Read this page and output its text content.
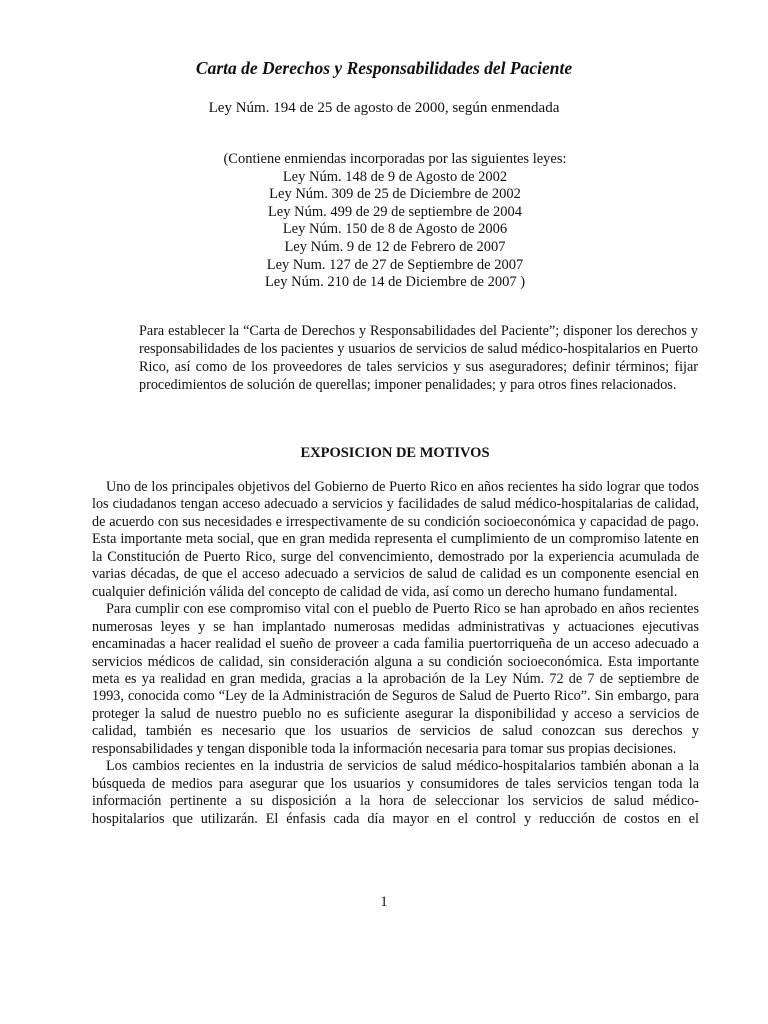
Carta de Derechos y Responsabilidades del Paciente

Ley Núm. 194 de 25 de agosto de 2000, según enmendada

(Contiene enmiendas incorporadas por las siguientes leyes:
Ley Núm. 148 de 9 de Agosto de 2002
Ley Núm. 309 de 25 de Diciembre de 2002
Ley Núm. 499 de 29 de septiembre de 2004
Ley Núm. 150 de 8 de Agosto de 2006
Ley Núm. 9 de 12 de Febrero de 2007
Ley Num. 127 de 27 de Septiembre de 2007
Ley Núm. 210 de 14 de Diciembre de 2007 )

Para establecer la “Carta de Derechos y Responsabilidades del Paciente”; disponer los derechos y responsabilidades de los pacientes y usuarios de servicios de salud médico-hospitalarios en Puerto Rico, así como de los proveedores de tales servicios y sus aseguradores; definir términos; fijar procedimientos de solución de querellas; imponer penalidades; y para otros fines relacionados.

EXPOSICION DE MOTIVOS

Uno de los principales objetivos del Gobierno de Puerto Rico en años recientes ha sido lograr que todos los ciudadanos tengan acceso adecuado a servicios y facilidades de salud médico-hospitalarias de calidad, de acuerdo con sus necesidades e irrespectivamente de su condición socioeconómica y capacidad de pago. Esta importante meta social, que en gran medida representa el cumplimiento de un compromiso latente en la Constitución de Puerto Rico, surge del convencimiento, demostrado por la experiencia acumulada de varias décadas, de que el acceso adecuado a servicios de salud de calidad es un componente esencial en cualquier definición válida del concepto de calidad de vida, así como un derecho humano fundamental.

Para cumplir con ese compromiso vital con el pueblo de Puerto Rico se han aprobado en años recientes numerosas leyes y se han implantado numerosas medidas administrativas y actuaciones ejecutivas encaminadas a hacer realidad el sueño de proveer a cada familia puertorriqueña de un acceso adecuado a servicios médicos de calidad, sin consideración alguna a su condición socioeconómica. Esta importante meta es ya realidad en gran medida, gracias a la aprobación de la Ley Núm. 72 de 7 de septiembre de 1993, conocida como “Ley de la Administración de Seguros de Salud de Puerto Rico”. Sin embargo, para proteger la salud de nuestro pueblo no es suficiente asegurar la disponibilidad y acceso a servicios de calidad, también es necesario que los usuarios de servicios de salud conozcan sus derechos y responsabilidades y tengan disponible toda la información necesaria para tomar sus propias decisiones.

Los cambios recientes en la industria de servicios de salud médico-hospitalarios también abonan a la búsqueda de medios para asegurar que los usuarios y consumidores de tales servicios tengan toda la información pertinente a su disposición a la hora de seleccionar los servicios de salud médico-hospitalarios que utilizarán. El énfasis cada día mayor en el control y reducción de costos en el

1
